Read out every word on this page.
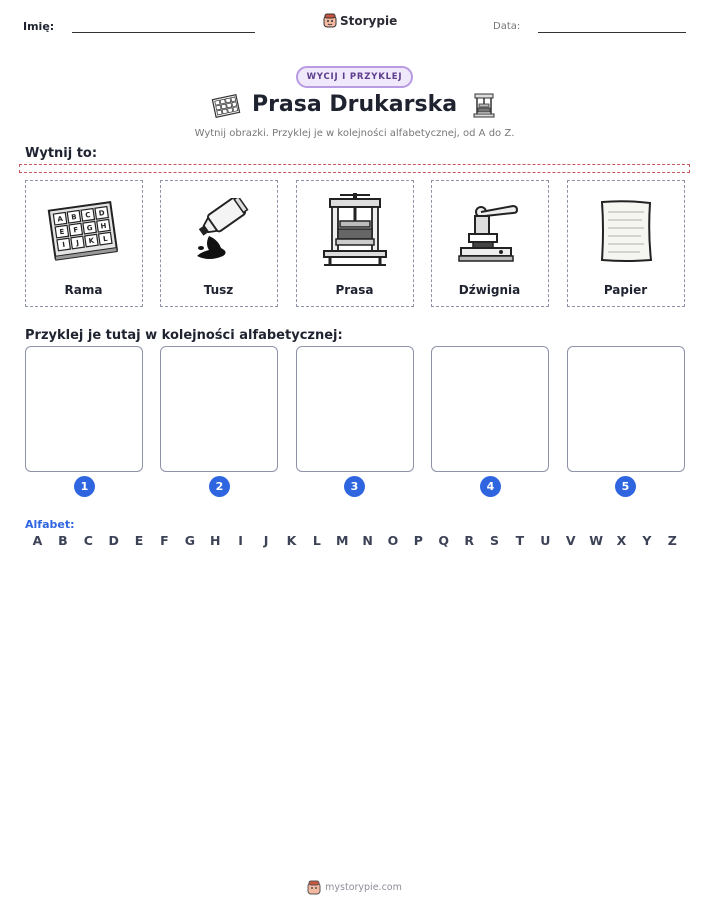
Imię:	Storypie	Data:
WYCIJ I PRZYKLEJ
Prasa Drukarska
Wytnij obrazki. Przyklej je w kolejności alfabetycznej, od A do Z.
Wytnij to:
A B C D
E F G H
I J K L
Rama	Tusz	Prasa	Dźwignia	Papier
Przyklej je tutaj w kolejności alfabetycznej:
1	2	3	4	5
Alfabet:
A	B	C	D	E	F	G	H	I	J	K	L	M	N	O	P	Q	R	S	T	U	V	W	X	Y	Z
mystorypie.com
